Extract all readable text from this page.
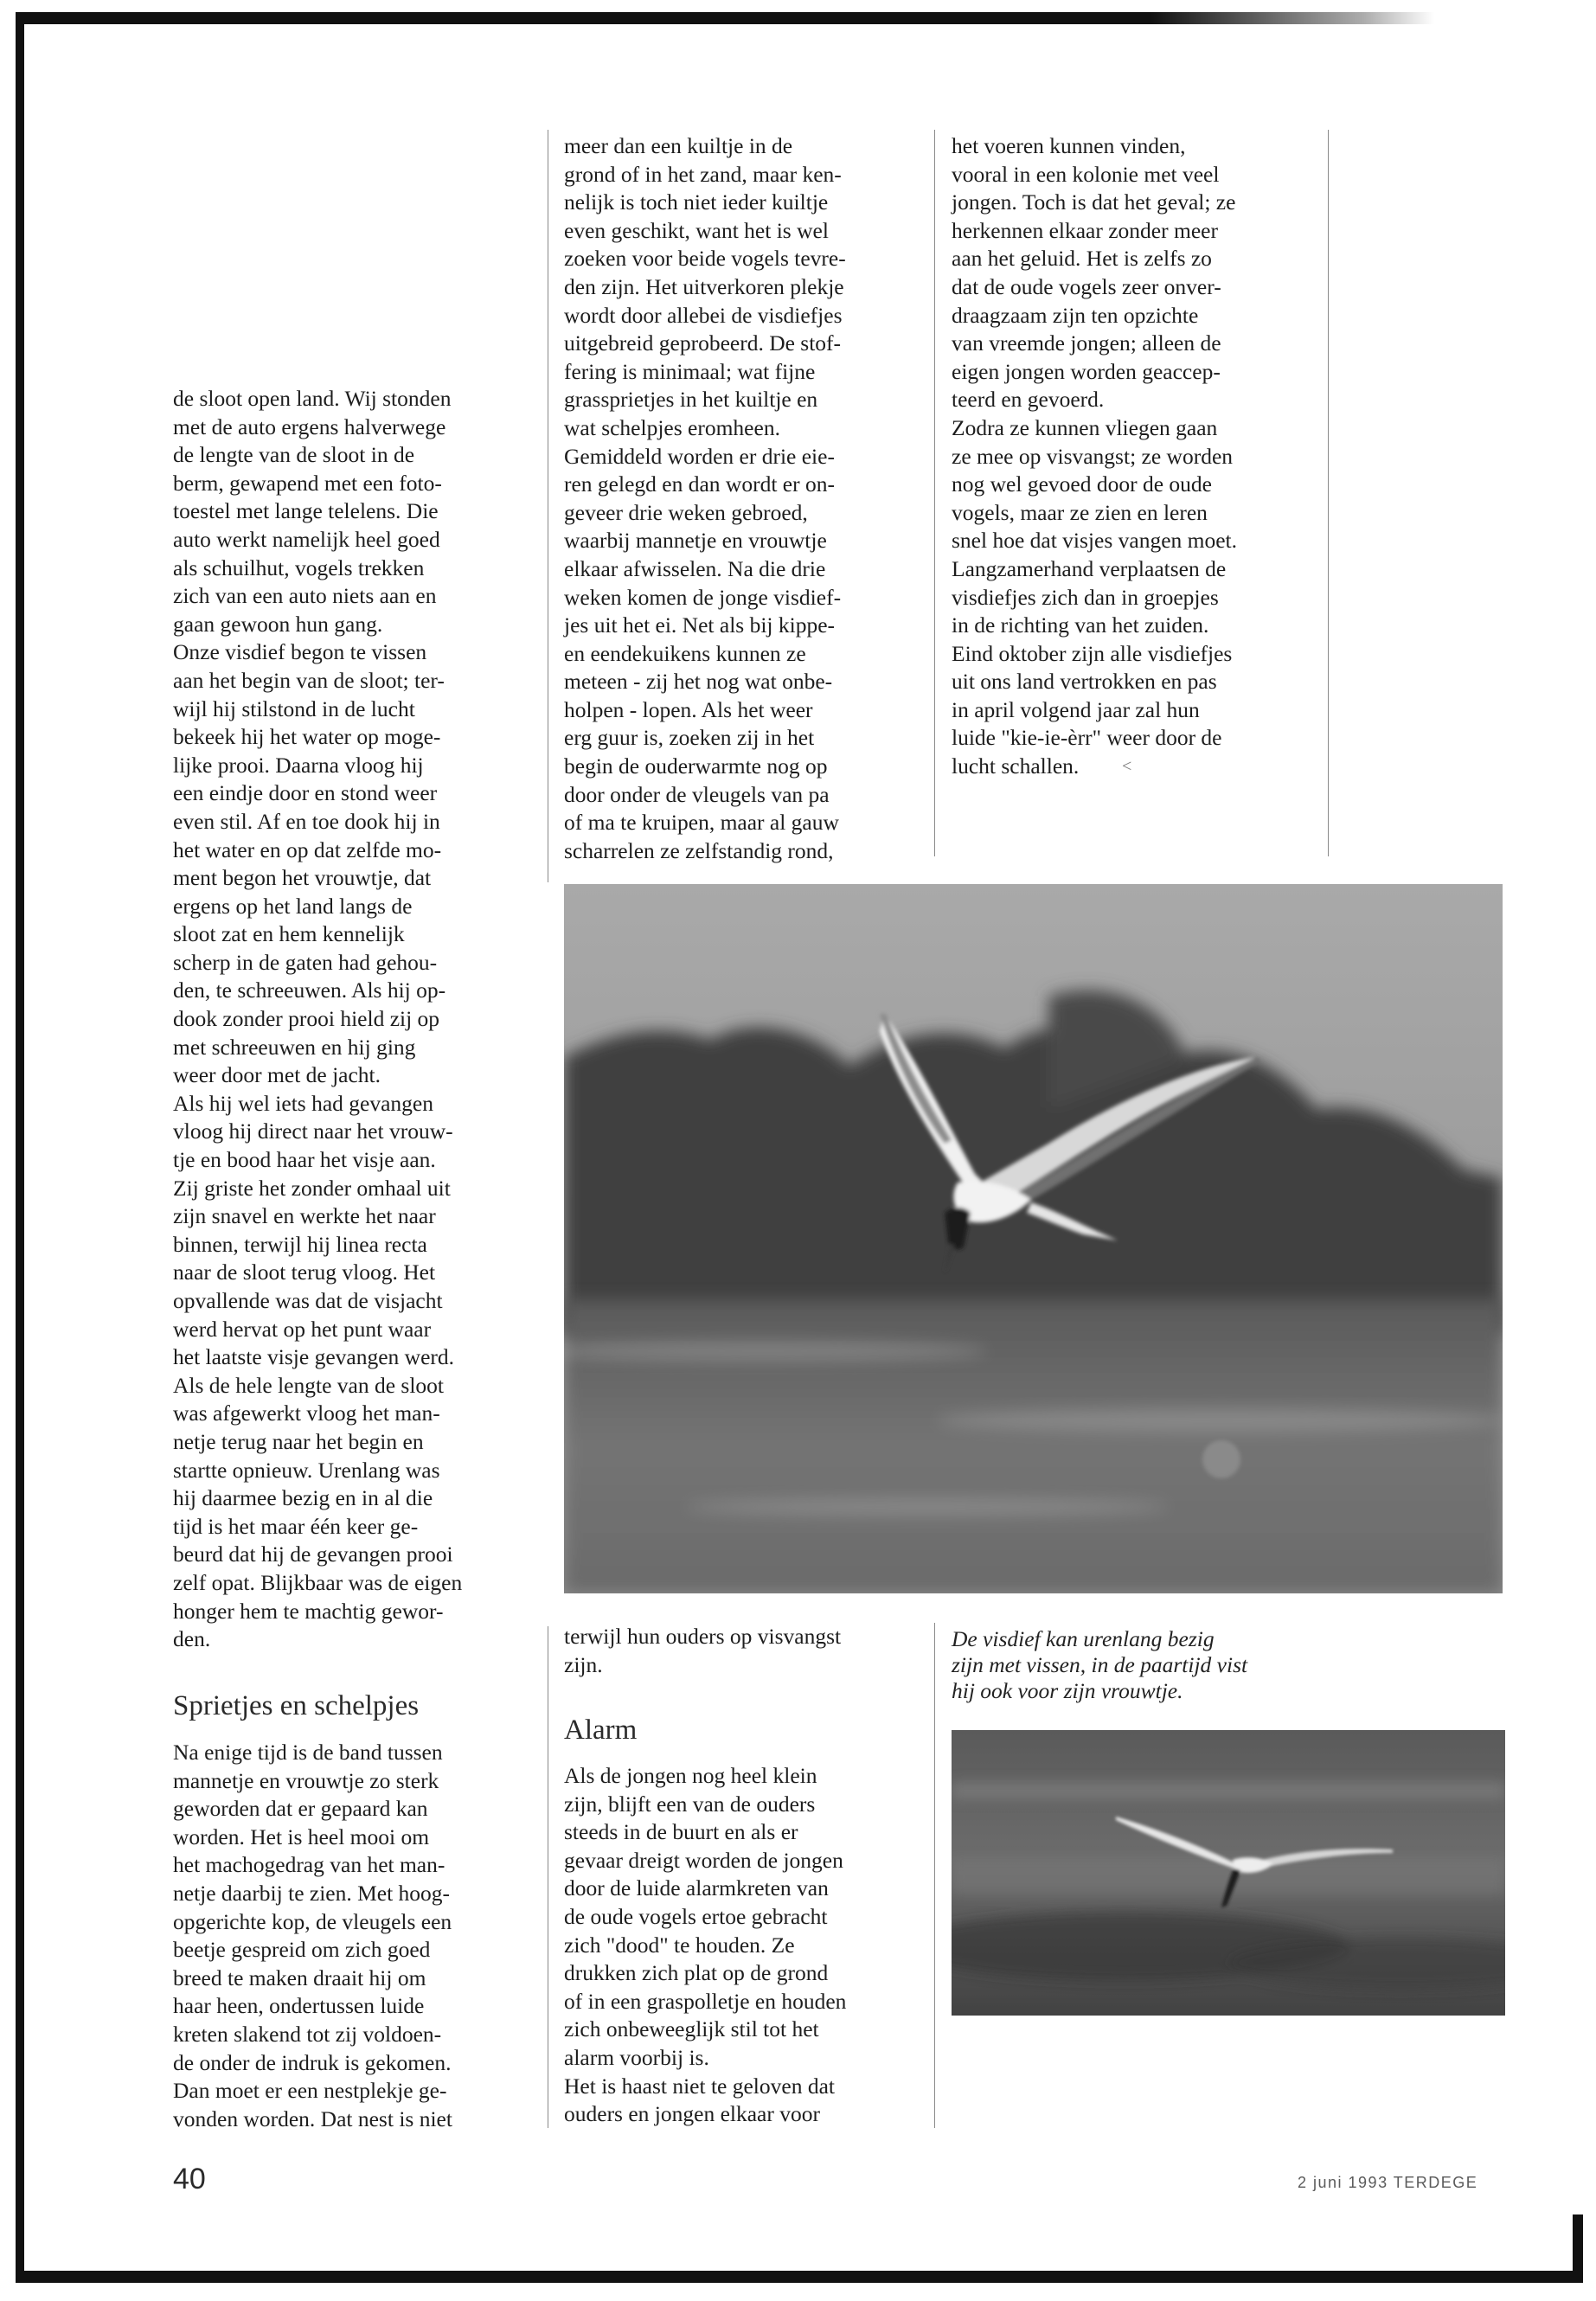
de sloot open land. Wij stonden
met de auto ergens halverwege
de lengte van de sloot in de
berm, gewapend met een foto-
toestel met lange telelens. Die
auto werkt namelijk heel goed
als schuilhut, vogels trekken
zich van een auto niets aan en
gaan gewoon hun gang.
Onze visdief begon te vissen
aan het begin van de sloot; ter-
wijl hij stilstond in de lucht
bekeek hij het water op moge-
lijke prooi. Daarna vloog hij
een eindje door en stond weer
even stil. Af en toe dook hij in
het water en op dat zelfde mo-
ment begon het vrouwtje, dat
ergens op het land langs de
sloot zat en hem kennelijk
scherp in de gaten had gehou-
den, te schreeuwen. Als hij op-
dook zonder prooi hield zij op
met schreeuwen en hij ging
weer door met de jacht.
Als hij wel iets had gevangen
vloog hij direct naar het vrouw-
tje en bood haar het visje aan.
Zij griste het zonder omhaal uit
zijn snavel en werkte het naar
binnen, terwijl hij linea recta
naar de sloot terug vloog. Het
opvallende was dat de visjacht
werd hervat op het punt waar
het laatste visje gevangen werd.
Als de hele lengte van de sloot
was afgewerkt vloog het man-
netje terug naar het begin en
startte opnieuw. Urenlang was
hij daarmee bezig en in al die
tijd is het maar één keer ge-
beurd dat hij de gevangen prooi
zelf opat. Blijkbaar was de eigen
honger hem te machtig gewor-
den.
Sprietjes en schelpjes
Na enige tijd is de band tussen
mannetje en vrouwtje zo sterk
geworden dat er gepaard kan
worden. Het is heel mooi om
het machogedrag van het man-
netje daarbij te zien. Met hoog-
opgerichte kop, de vleugels een
beetje gespreid om zich goed
breed te maken draait hij om
haar heen, ondertussen luide
kreten slakend tot zij voldoen-
de onder de indruk is gekomen.
Dan moet er een nestplekje ge-
vonden worden. Dat nest is niet
meer dan een kuiltje in de
grond of in het zand, maar ken-
nelijk is toch niet ieder kuiltje
even geschikt, want het is wel
zoeken voor beide vogels tevre-
den zijn. Het uitverkoren plekje
wordt door allebei de visdiefjes
uitgebreid geprobeerd. De stof-
fering is minimaal; wat fijne
grassprietjes in het kuiltje en
wat schelpjes eromheen.
Gemiddeld worden er drie eie-
ren gelegd en dan wordt er on-
geveer drie weken gebroed,
waarbij mannetje en vrouwtje
elkaar afwisselen. Na die drie
weken komen de jonge visdief-
jes uit het ei. Net als bij kippe-
en eendekuikens kunnen ze
meteen - zij het nog wat onbe-
holpen - lopen. Als het weer
erg guur is, zoeken zij in het
begin de ouderwarmte nog op
door onder de vleugels van pa
of ma te kruipen, maar al gauw
scharrelen ze zelfstandig rond,
terwijl hun ouders op visvangst
zijn.
Alarm
Als de jongen nog heel klein
zijn, blijft een van de ouders
steeds in de buurt en als er
gevaar dreigt worden de jongen
door de luide alarmkreten van
de oude vogels ertoe gebracht
zich "dood" te houden. Ze
drukken zich plat op de grond
of in een graspolletje en houden
zich onbeweeglijk stil tot het
alarm voorbij is.
Het is haast niet te geloven dat
ouders en jongen elkaar voor
het voeren kunnen vinden,
vooral in een kolonie met veel
jongen. Toch is dat het geval; ze
herkennen elkaar zonder meer
aan het geluid. Het is zelfs zo
dat de oude vogels zeer onver-
draagzaam zijn ten opzichte
van vreemde jongen; alleen de
eigen jongen worden geaccep-
teerd en gevoerd.
Zodra ze kunnen vliegen gaan
ze mee op visvangst; ze worden
nog wel gevoed door de oude
vogels, maar ze zien en leren
snel hoe dat visjes vangen moet.
Langzamerhand verplaatsen de
visdiefjes zich dan in groepjes
in de richting van het zuiden.
Eind oktober zijn alle visdiefjes
uit ons land vertrokken en pas
in april volgend jaar zal hun
luide "kie-ie-èrr" weer door de
lucht schallen.	<
De visdief kan urenlang bezig
zijn met vissen, in de paartijd vist
hij ook voor zijn vrouwtje.
40	2 juni 1993 TERDEGE
